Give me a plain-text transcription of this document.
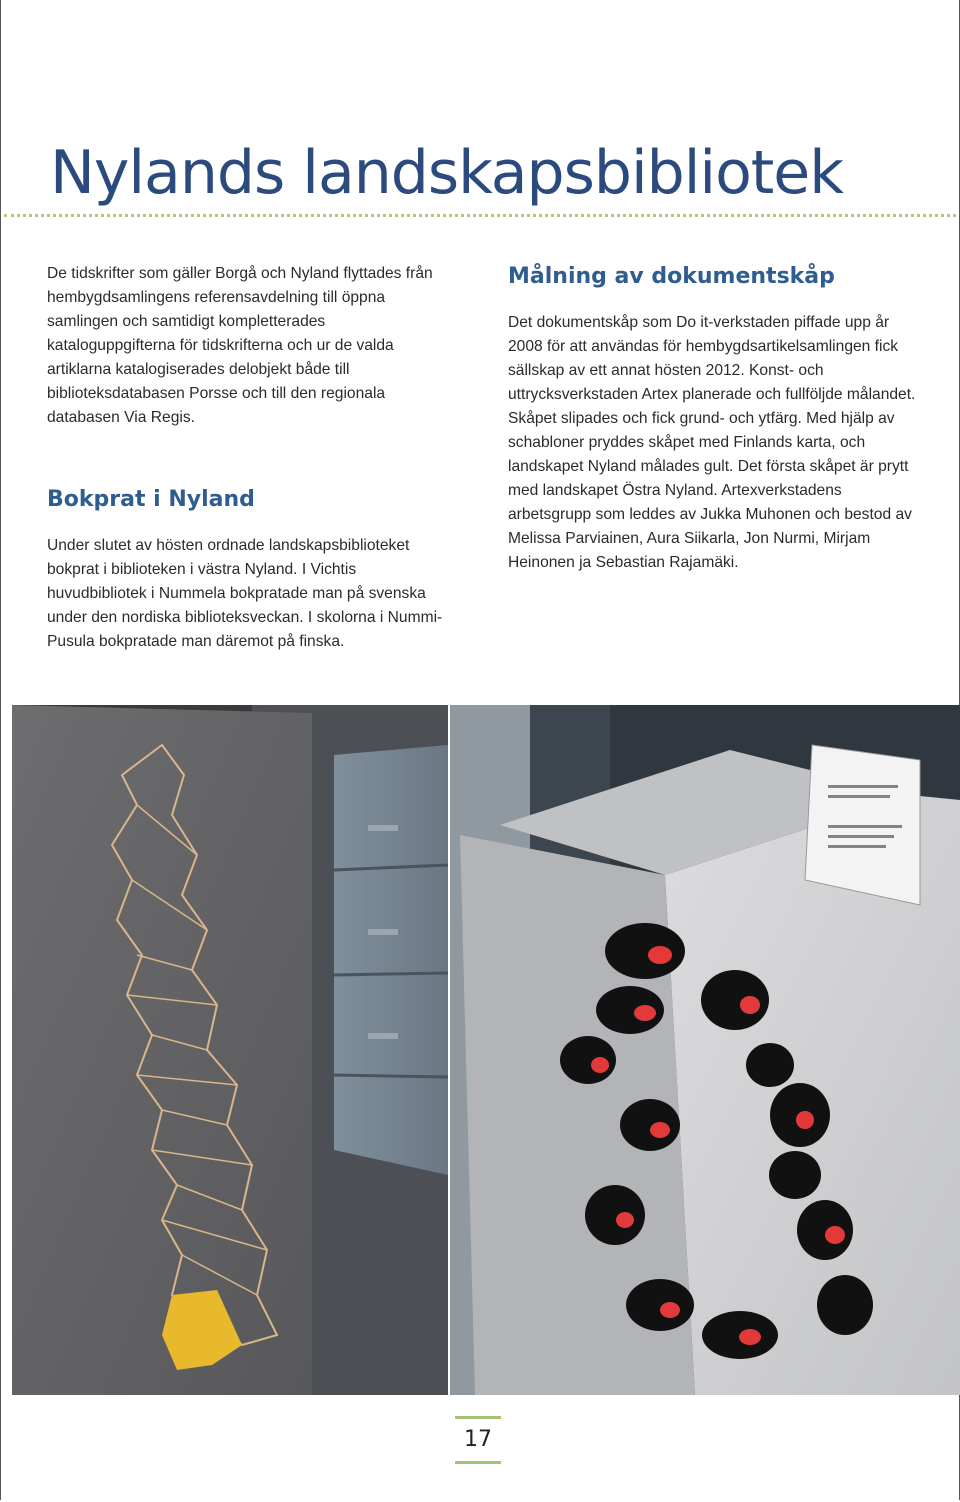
Nylands landskapsbibliotek

De tidskrifter som gäller Borgå och Nyland flyttades från hembygdsamlingens referensavdelning till öppna samlingen och samtidigt kompletterades kataloguppgifterna för tidskrifterna och ur de valda artiklarna katalogiserades delobjekt både till biblioteksdatabasen Porsse och till den regionala databasen Via Regis.

Bokprat i Nyland

Under slutet av hösten ordnade landskapsbiblioteket bokprat i biblioteken i västra Nyland. I Vichtis huvudbibliotek i Nummela bokpratade man på svenska under den nordiska biblioteksveckan. I skolorna i Nummi-Pusula bokpratade man däremot på finska.

Målning av dokumentskåp

Det dokumentskåp som Do it-verkstaden piffade upp år 2008 för att användas för hembygdsartikelsamlingen fick sällskap av ett annat hösten 2012. Konst- och uttrycksverkstaden Artex planerade och fullföljde målandet. Skåpet slipades och fick grund- och ytfärg. Med hjälp av schabloner pryddes skåpet med Finlands karta, och landskapet Nyland målades gult. Det första skåpet är prytt med landskapet Östra Nyland. Artexverkstadens arbetsgrupp som leddes av Jukka Muhonen och bestod av Melissa Parviainen, Aura Siikarla, Jon Nurmi, Mirjam Heinonen ja Sebastian Rajamäki.

17
